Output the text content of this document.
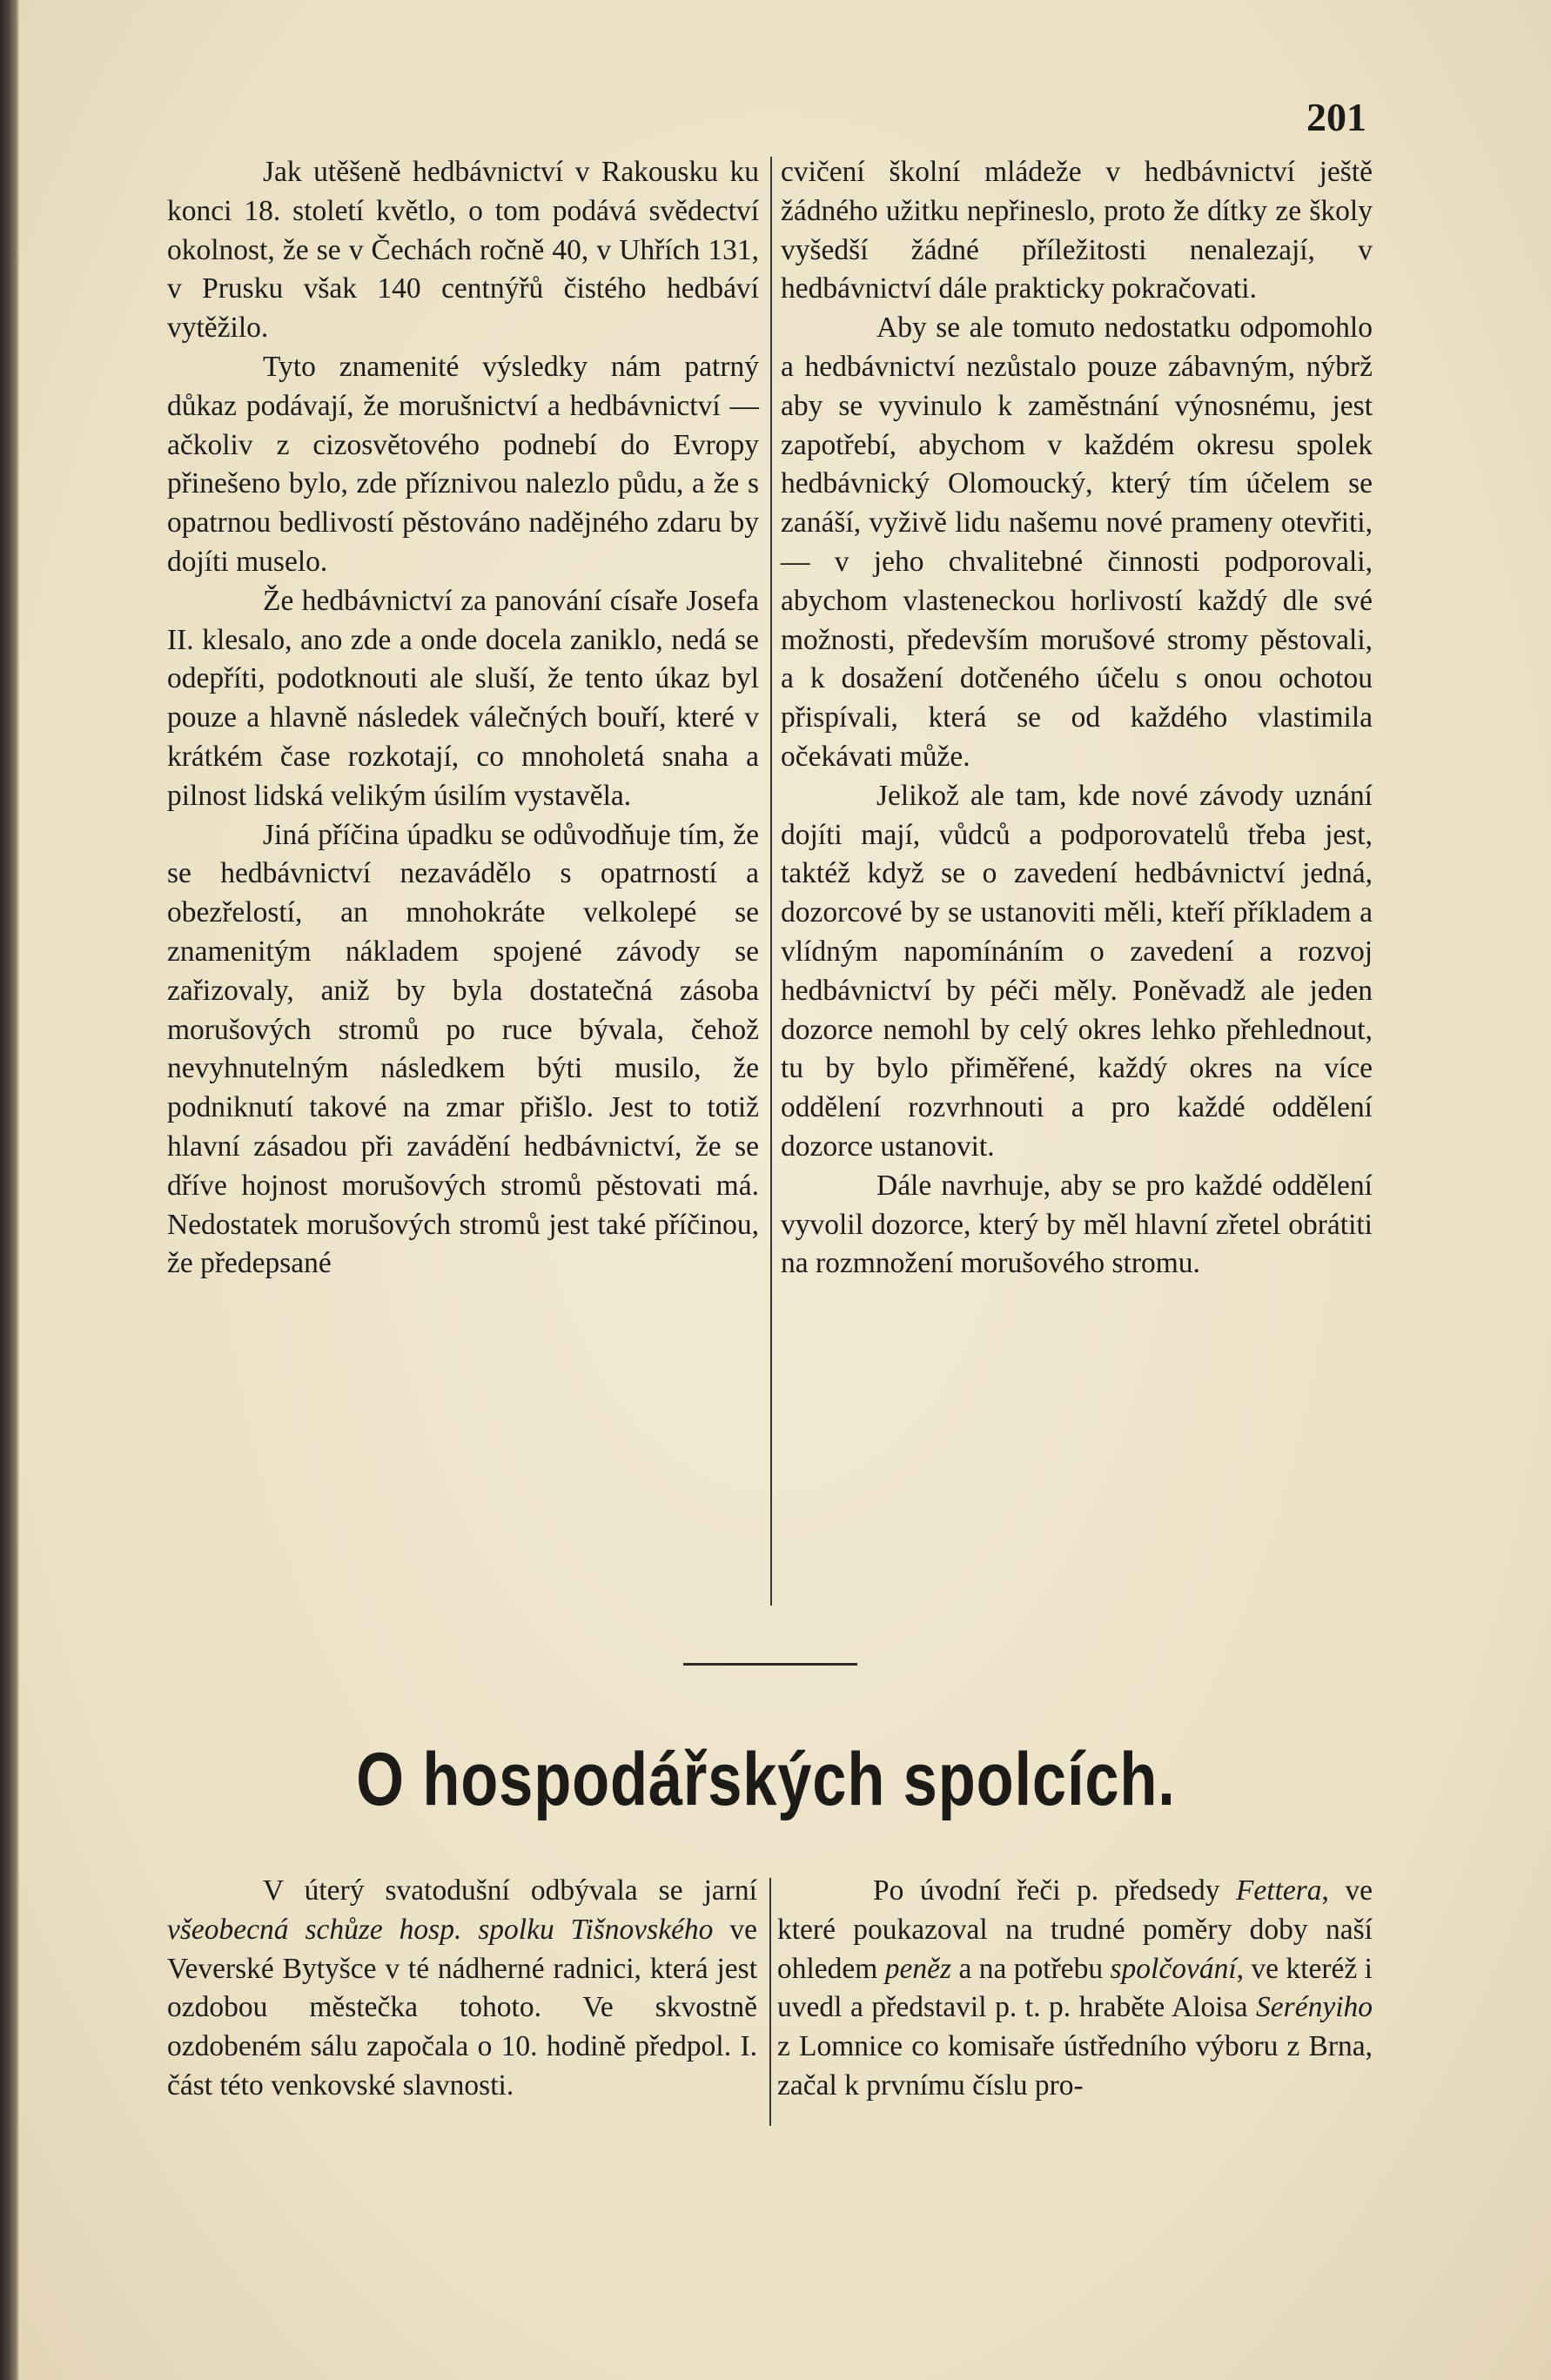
201

Jak utěšeně hedbávnictví v Rakousku ku konci 18. století květlo, o tom podává svědectví okolnost, že se v Čechách ročně 40, v Uhřích 131, v Prusku však 140 centnýřů čistého hedbáví vytěžilo.

Tyto znamenité výsledky nám patrný důkaz podávají, že morušnictví a hedbávnictví — ačkoliv z cizosvětového podnebí do Evropy přinešeno bylo, zde příznivou nalezlo půdu, a že s opatrnou bedlivostí pěstováno nadějného zdaru by dojíti muselo.

Že hedbávnictví za panování císaře Josefa II. klesalo, ano zde a onde docela zaniklo, nedá se odepříti, podotknouti ale sluší, že tento úkaz byl pouze a hlavně následek válečných bouří, které v krátkém čase rozkotají, co mnoholetá snaha a pilnost lidská velikým úsilím vystavěla.

Jiná příčina úpadku se odůvodňuje tím, že se hedbávnictví nezavádělo s opatrností a obezřelostí, an mnohokráte velkolepé se znamenitým nákladem spojené závody se zařizovaly, aniž by byla dostatečná zásoba morušových stromů po ruce bývala, čehož nevyhnutelným následkem býti musilo, že podniknutí takové na zmar přišlo. Jest to totiž hlavní zásadou při zavádění hedbávnictví, že se dříve hojnost morušových stromů pěstovati má. Nedostatek morušových stromů jest také příčinou, že předepsané

cvičení školní mládeže v hedbávnictví ještě žádného užitku nepřineslo, proto že dítky ze školy vyšedší žádné příležitosti nenalezají, v hedbávnictví dále prakticky pokračovati.

Aby se ale tomuto nedostatku odpomohlo a hedbávnictví nezůstalo pouze zábavným, nýbrž aby se vyvinulo k zaměstnání výnosnému, jest zapotřebí, abychom v každém okresu spolek hedbávnický Olomoucký, který tím účelem se zanáší, vyživě lidu našemu nové prameny otevřiti, — v jeho chvalitebné činnosti podporovali, abychom vlasteneckou horlivostí každý dle své možnosti, především morušové stromy pěstovali, a k dosažení dotčeného účelu s onou ochotou přispívali, která se od každého vlastimila očekávati může.

Jelikož ale tam, kde nové závody uznání dojíti mají, vůdců a podporovatelů třeba jest, taktéž když se o zavedení hedbávnictví jedná, dozorcové by se ustanoviti měli, kteří příkladem a vlídným napomínáním o zavedení a rozvoj hedbávnictví by péči měly. Poněvadž ale jeden dozorce nemohl by celý okres lehko přehlednout, tu by bylo přiměřené, každý okres na více oddělení rozvrhnouti a pro každé oddělení dozorce ustanovit.

Dále navrhuje, aby se pro každé oddělení vyvolil dozorce, který by měl hlavní zřetel obrátiti na rozmnožení morušového stromu.

O hospodářských spolcích.

V úterý svatodušní odbývala se jarní všeobecná schůze hosp. spolku Tišnovského ve Veverské Bytyšce v té nádherné radnici, která jest ozdobou městečka tohoto. Ve skvostně ozdobeném sálu započala o 10. hodině předpol. I. část této venkovské slavnosti.

Po úvodní řeči p. předsedy Fettera, ve které poukazoval na trudné poměry doby naší ohledem peněz a na potřebu spolčování, ve kteréž i uvedl a představil p. t. p. hraběte Aloisa Serényiho z Lomnice co komisaře ústředního výboru z Brna, začal k prvnímu číslu pro-
